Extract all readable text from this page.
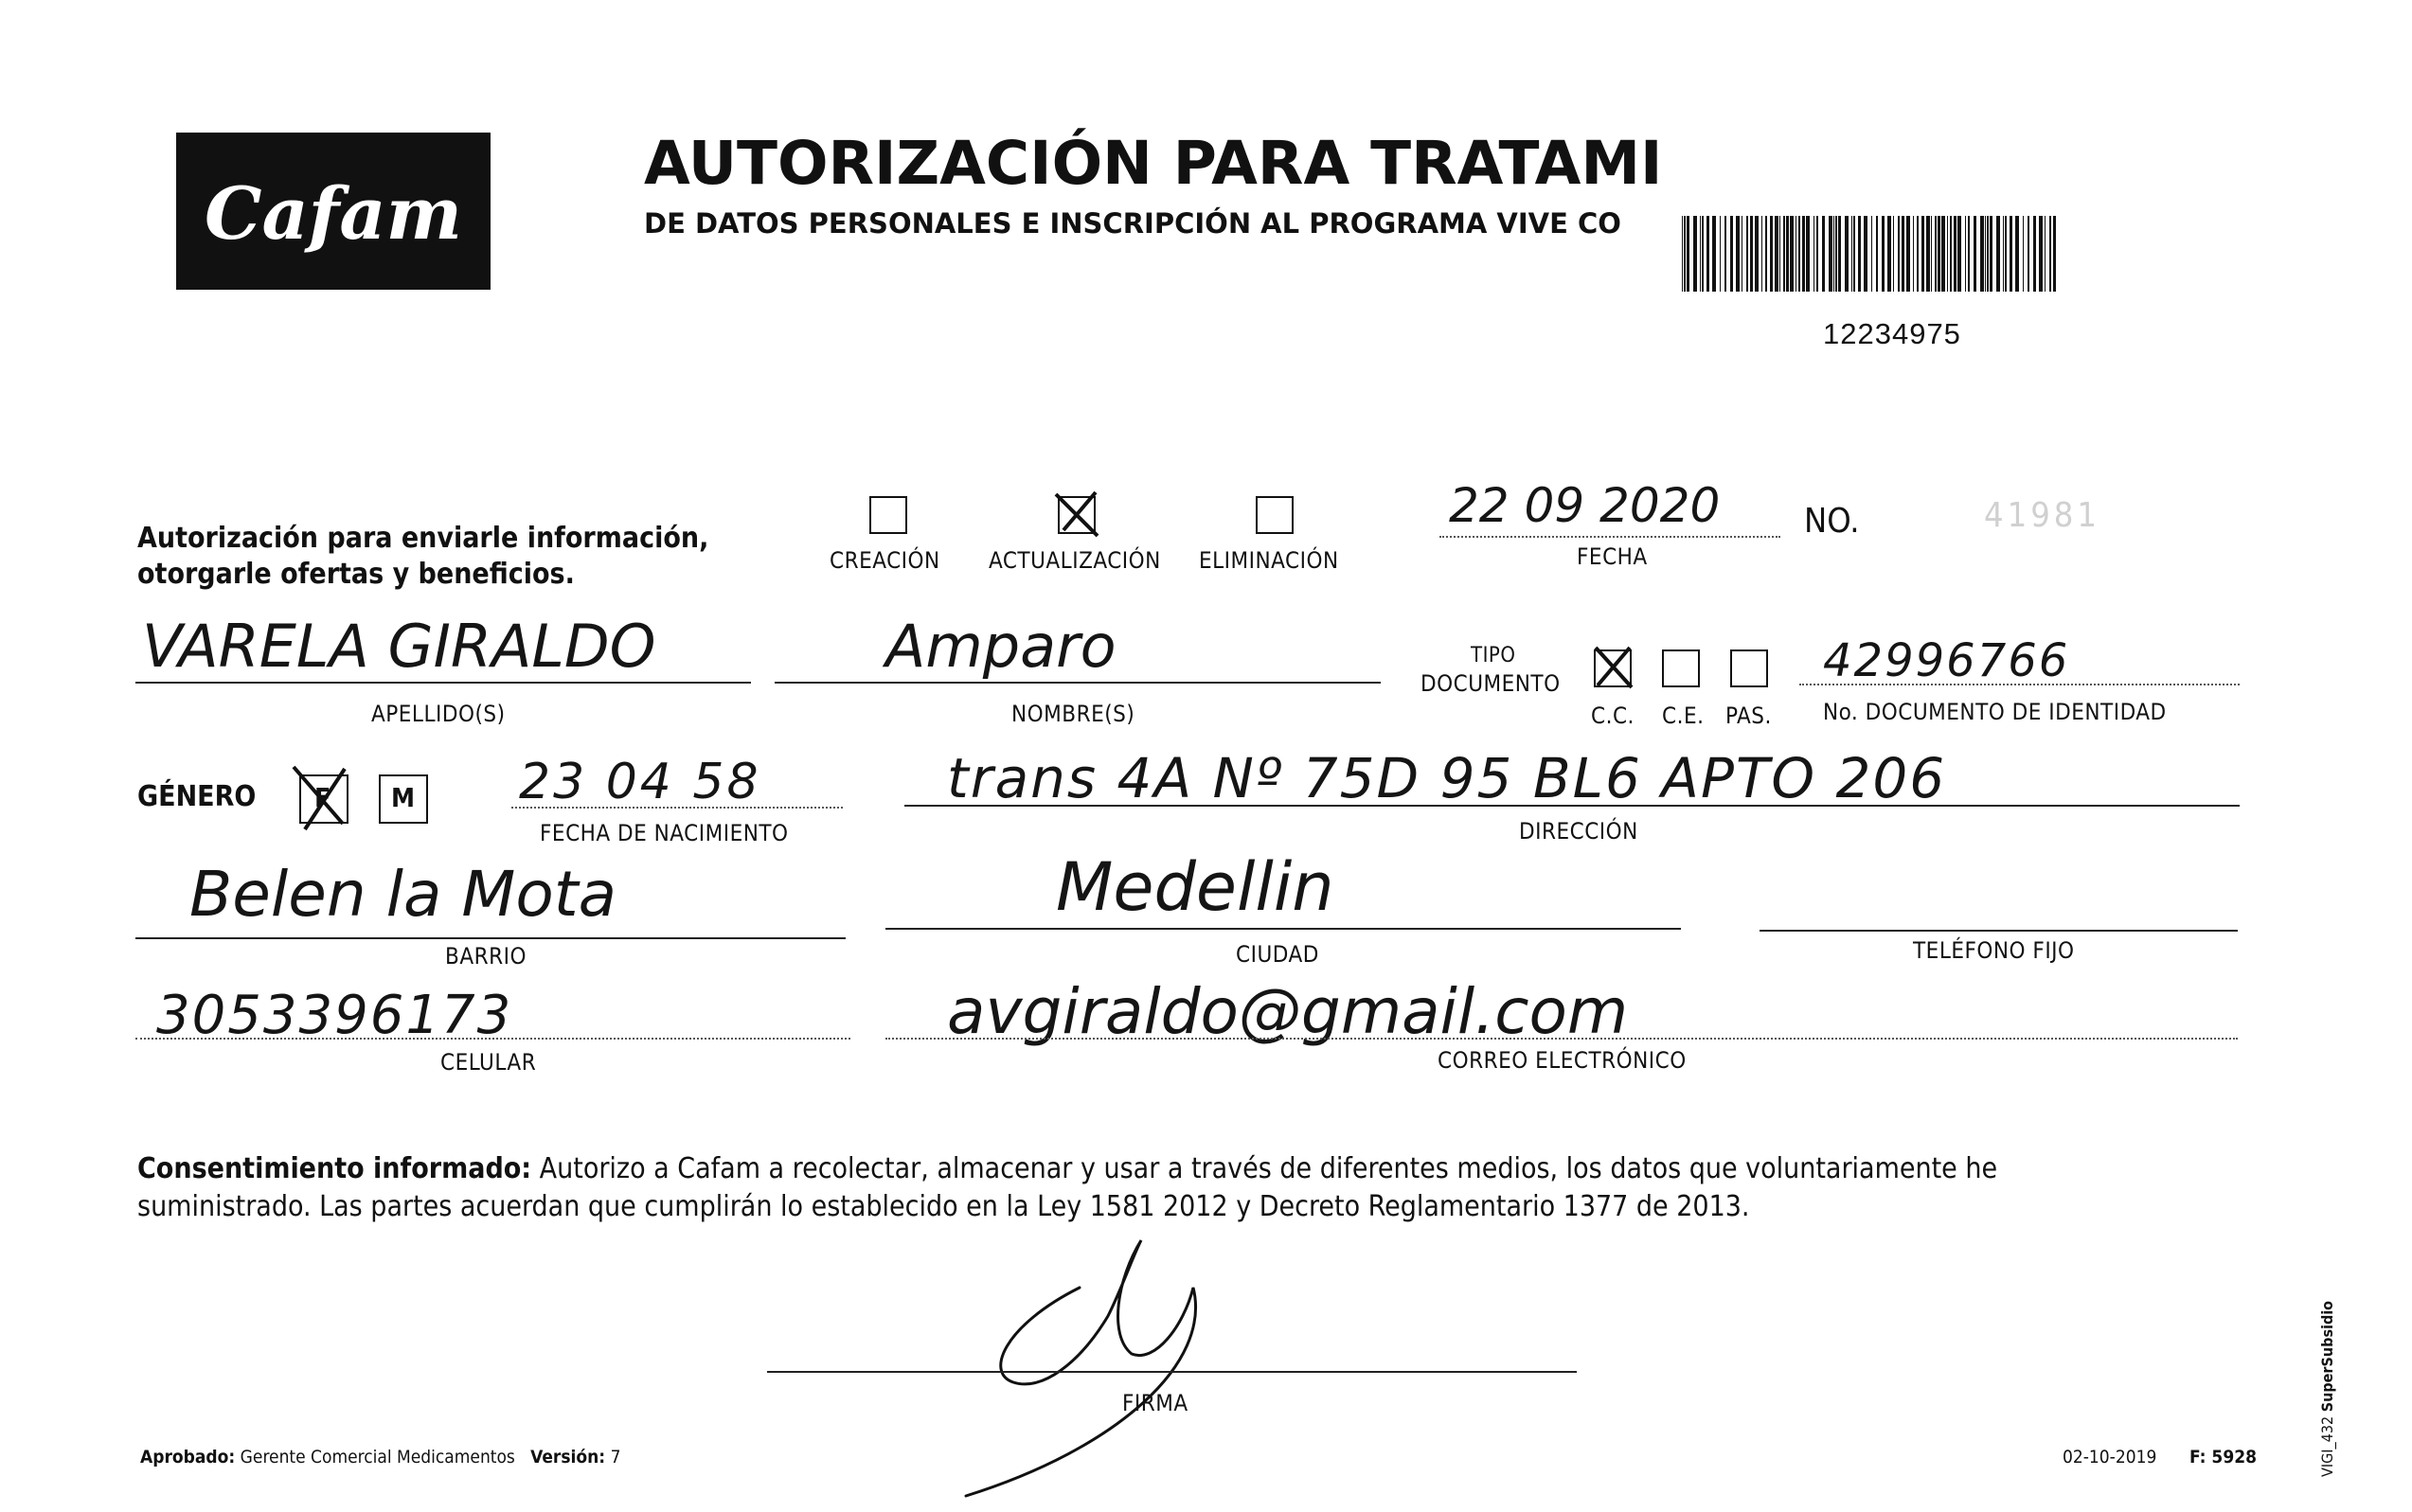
Cafam
AUTORIZACIÓN PARA TRATAMI
DE DATOS PERSONALES E INSCRIPCIÓN AL PROGRAMA VIVE CO
12234975
Autorización para enviarle información,
otorgarle ofertas y beneficios.	CREACIÓN ACTUALIZACIÓN ELIMINACIÓN
22 09 2020
FECHA
NO.	41981
VARELA GIRALDO
APELLIDO(S)
Amparo
NOMBRE(S)
TIPO
DOCUMENTO
C.C. C.E. PAS.
42996766
No. DOCUMENTO DE IDENTIDAD
GÉNERO F M 23 04 58
FECHA DE NACIMIENTO
trans 4A Nº 75D 95 BL6 APTO 206
DIRECCIÓN
Belen la Mota
BARRIO
Medellin
CIUDAD	TELÉFONO FIJO
3053396173
CELULAR
avgiraldo@gmail.com
CORREO ELECTRÓNICO
Consentimiento informado: Autorizo a Cafam a recolectar, almacenar y usar a través de diferentes medios, los datos que voluntariamente he
suministrado. Las partes acuerdan que cumplirán lo establecido en la Ley 1581 2012 y Decreto Reglamentario 1377 de 2013.
FIRMA
Aprobado: Gerente Comercial Medicamentos Versión: 7	02-10-2019 F: 5928	VIGI_432 SuperSubsidio
